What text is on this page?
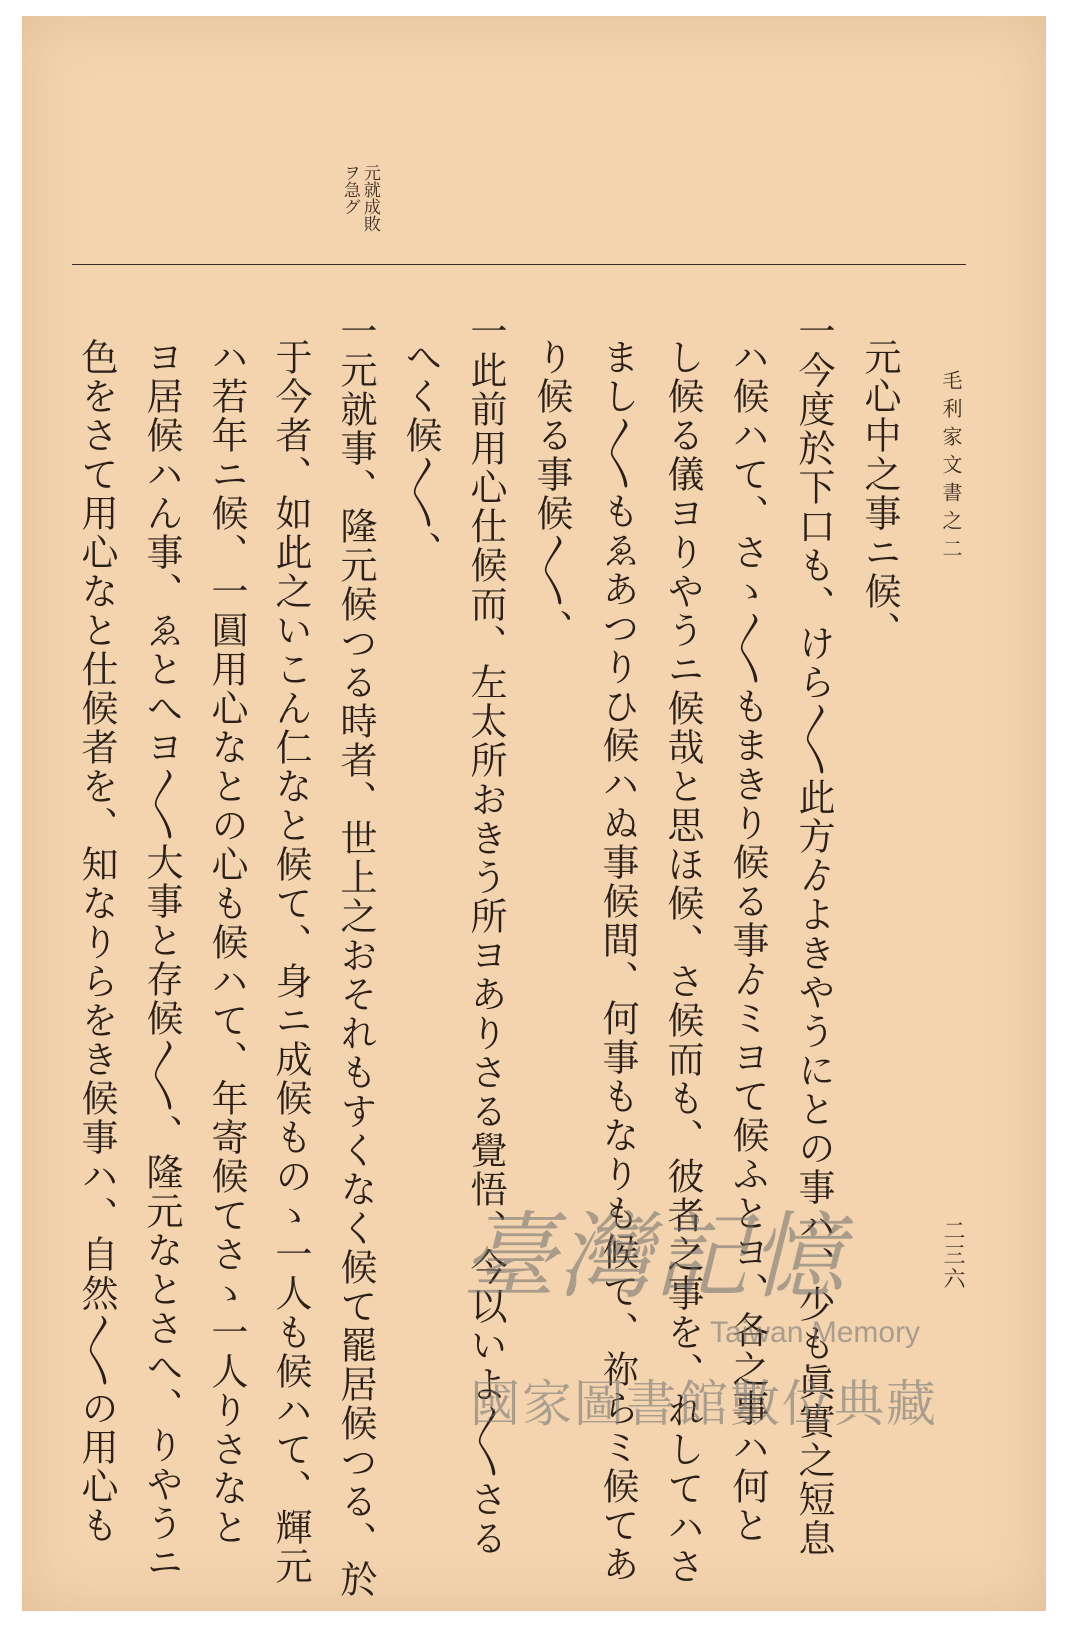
毛利家文書之二
元就成敗
ヲ急グ
元心中之事ニ候、
一今度於下口も、けら〳〵此方ゟよきやうにとの事ハ、少も眞實之短息
ハ候ハて、さゝ〳〵もまきり候る事ゟミヨて候ふとヨ、各之事ハ何と
し候る儀ヨりやうニ候哉と思ほ候、さ候而も、彼者之事を、れしてハさ
まし〳〵もゑあつりひ候ハぬ事候間、何事もなりも候て、祢らミ候てあ
り候る事候〳〵、
一此前用心仕候而、左太所おきう所ヨありさる覺悟、今以いよ〳〵さる
へく候〳〵、
一元就事、隆元候つる時者、世上之おそれもすくなく候て罷居候つる、於
于今者、如此之いこん仁なと候て、身ニ成候ものゝ一人も候ハて、輝元
ハ若年ニ候、一圓用心なとの心も候ハて、年寄候てさゝ一人りさなと
ヨ居候ハん事、ゑとへヨ〳〵大事と存候〳〵、隆元なとさへ、りやうニ
色をさて用心なと仕候者を、知なりらをき候事ハ、自然〳〵の用心も	二三六
臺灣記憶
Taiwan Memory
國家圖書館數位典藏
